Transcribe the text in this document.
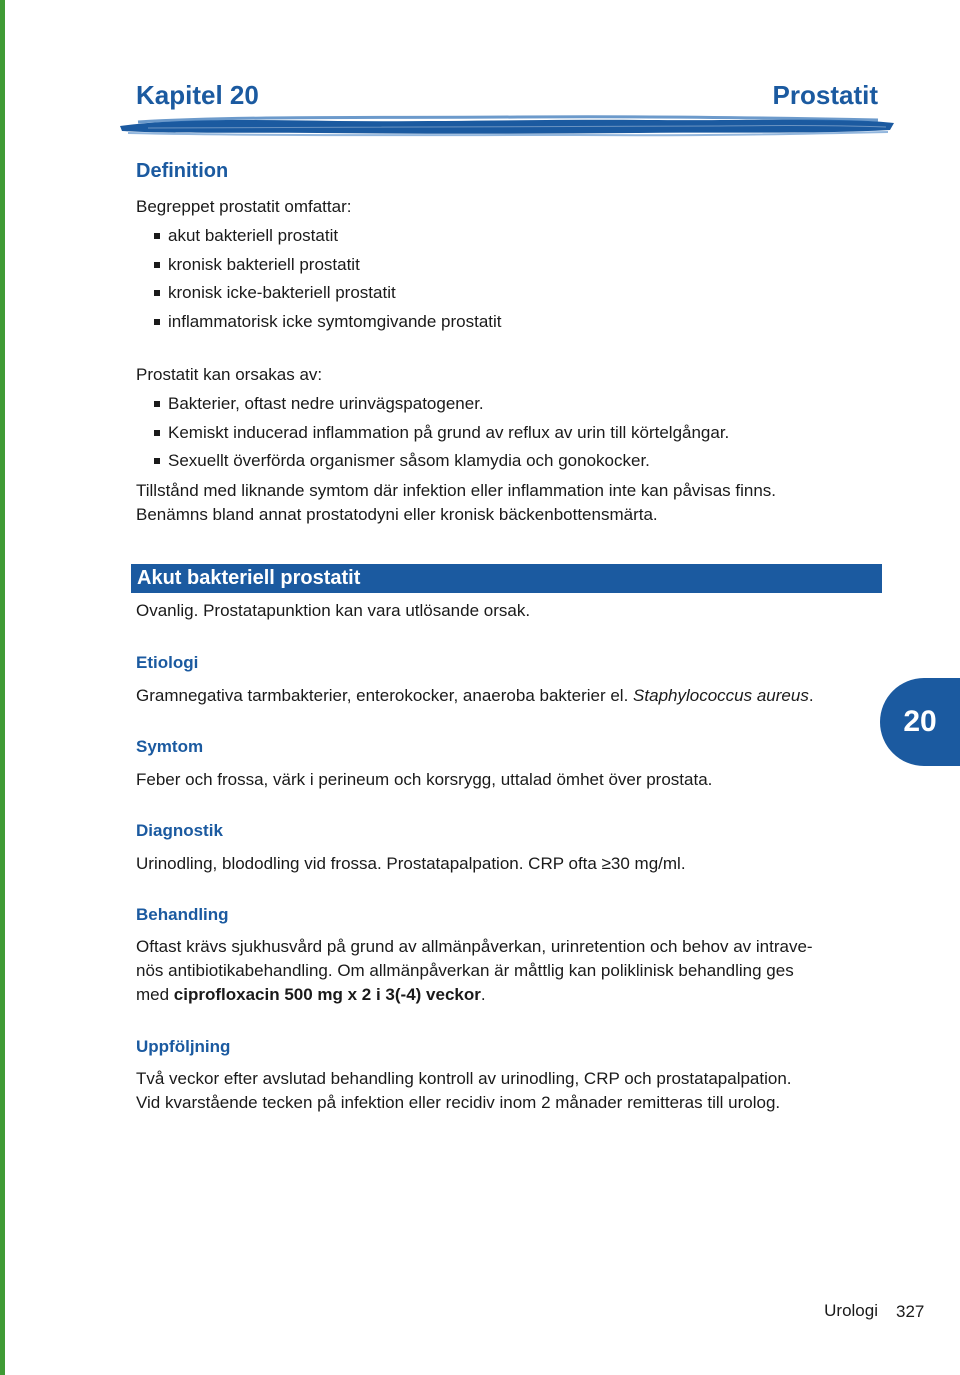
Kapitel 20	Prostatit
Definition

Begreppet prostatit omfattar:

akut bakteriell prostatit
kronisk bakteriell prostatit
kronisk icke-bakteriell prostatit
inflammatorisk icke symtomgivande prostatit

Prostatit kan orsakas av:

Bakterier, oftast nedre urinvägspatogener.
Kemiskt inducerad inflammation på grund av reflux av urin till körtelgångar.
Sexuellt överförda organismer såsom klamydia och gonokocker.

Tillstånd med liknande symtom där infektion eller inflammation inte kan påvisas finns.
Benämns bland annat prostatodyni eller kronisk bäckenbottensmärta.

Akut bakteriell prostatit

Ovanlig. Prostatapunktion kan vara utlösande orsak.

Etiologi

Gramnegativa tarmbakterier, enterokocker, anaeroba bakterier el. Staphylococcus aureus.

Symtom

Feber och frossa, värk i perineum och korsrygg, uttalad ömhet över prostata.

Diagnostik

Urinodling, blododling vid frossa. Prostatapalpation. CRP ofta ≥30 mg/ml.

Behandling

Oftast krävs sjukhusvård på grund av allmänpåverkan, urinretention och behov av intrave-
nös antibiotikabehandling. Om allmänpåverkan är måttlig kan poliklinisk behandling ges
med ciprofloxacin 500 mg x 2 i 3(-4) veckor.

Uppföljning

Två veckor efter avslutad behandling kontroll av urinodling, CRP och prostatapalpation.
Vid kvarstående tecken på infektion eller recidiv inom 2 månader remitteras till urolog.

20
Urologi 327
